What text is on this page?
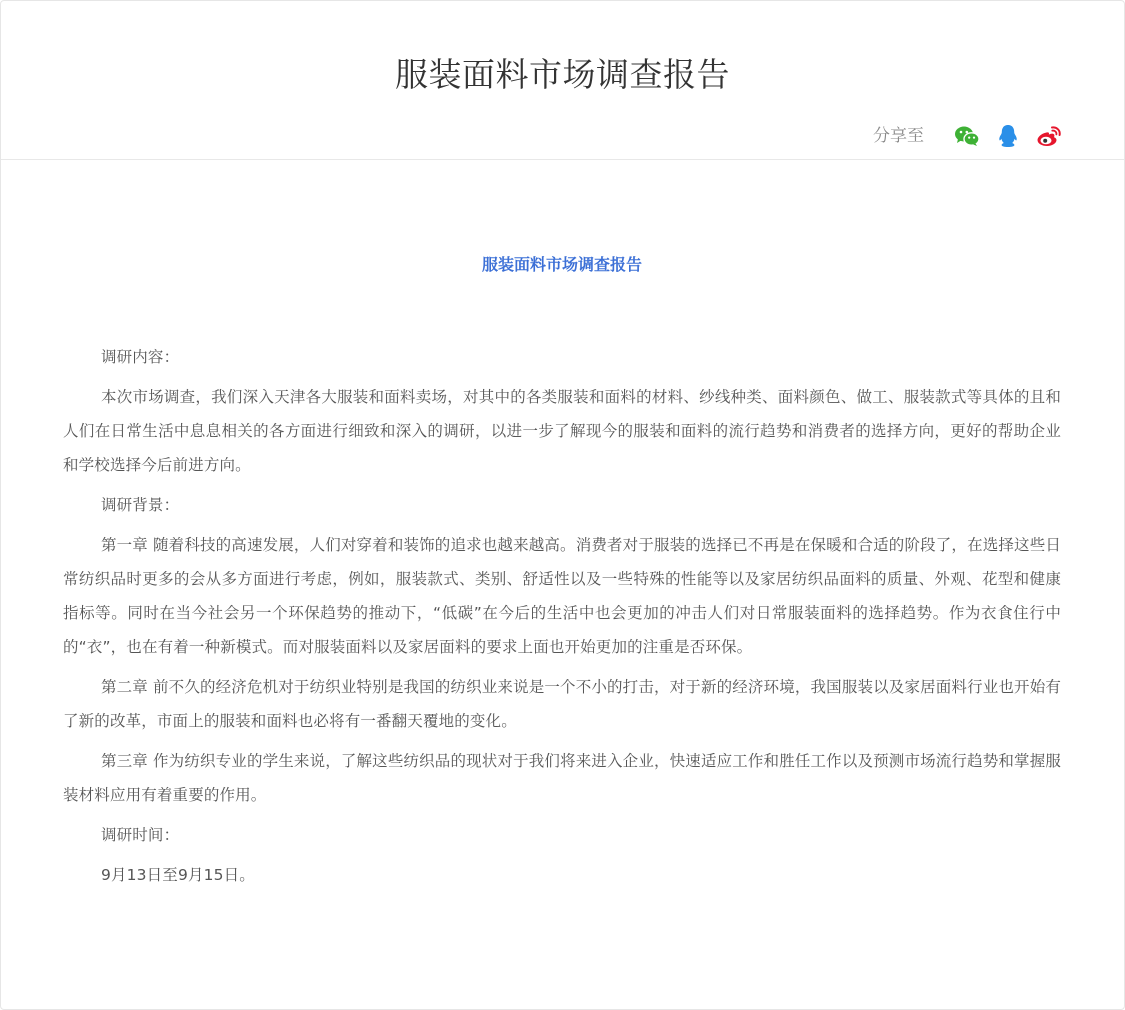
服装面料市场调查报告
分享至
服装面料市场调查报告

调研内容：

本次市场调查，我们深入天津各大服装和面料卖场，对其中的各类服装和面料的材料、纱线种类、面料颜色、做工、服装款式等具体的且和人们在日常生活中息息相关的各方面进行细致和深入的调研，以进一步了解现今的服装和面料的流行趋势和消费者的选择方向，更好的帮助企业和学校选择今后前进方向。

调研背景：

第一章 随着科技的高速发展，人们对穿着和装饰的追求也越来越高。消费者对于服装的选择已不再是在保暖和合适的阶段了，在选择这些日常纺织品时更多的会从多方面进行考虑，例如，服装款式、类别、舒适性以及一些特殊的性能等以及家居纺织品面料的质量、外观、花型和健康指标等。同时在当今社会另一个环保趋势的推动下，“低碳”在今后的生活中也会更加的冲击人们对日常服装面料的选择趋势。作为衣食住行中的“衣”，也在有着一种新模式。而对服装面料以及家居面料的要求上面也开始更加的注重是否环保。

第二章 前不久的经济危机对于纺织业特别是我国的纺织业来说是一个不小的打击，对于新的经济环境，我国服装以及家居面料行业也开始有了新的改革，市面上的服装和面料也必将有一番翻天覆地的变化。

第三章 作为纺织专业的学生来说，了解这些纺织品的现状对于我们将来进入企业，快速适应工作和胜任工作以及预测市场流行趋势和掌握服装材料应用有着重要的作用。

调研时间：

9月13日至9月15日。
